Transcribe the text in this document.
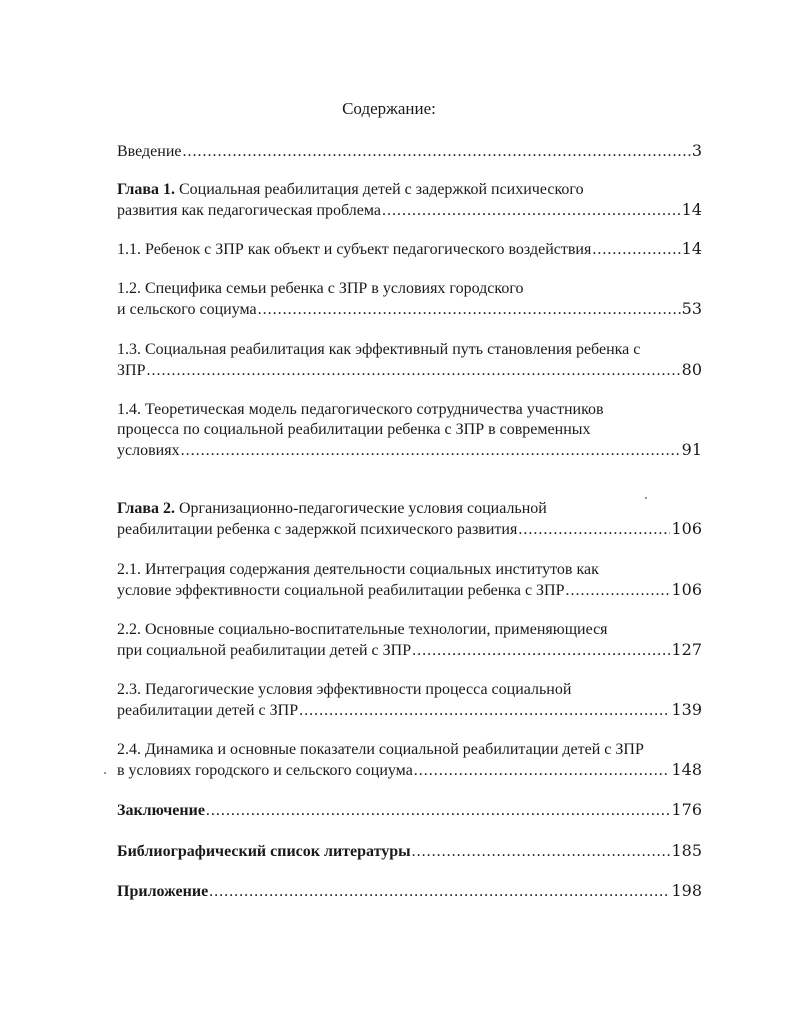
Содержание:
Введение .....	3
Глава 1. Социальная реабилитация детей с задержкой психического
развития как педагогическая проблема .....	14
1.1. Ребенок с ЗПР как объект и субъект педагогического воздействия .....	14
1.2. Специфика семьи ребенка с ЗПР в условиях городского
и сельского социума .....	53
1.3. Социальная реабилитация как эффективный путь становления ребенка с
ЗПР .....	80
1.4. Теоретическая модель педагогического сотрудничества участников
процесса по социальной реабилитации ребенка с ЗПР в современных
условиях .....	91
Глава 2. Организационно-педагогические условия социальной
реабилитации ребенка с задержкой психического развития .....	106
2.1. Интеграция содержания деятельности социальных институтов как
условие эффективности социальной реабилитации ребенка с ЗПР .....	106
2.2. Основные социально-воспитательные технологии, применяющиеся
при социальной реабилитации детей с ЗПР .....	127
2.3. Педагогические условия эффективности процесса социальной
реабилитации детей с ЗПР .....	139
2.4. Динамика и основные показатели социальной реабилитации детей с ЗПР
в условиях городского и сельского социума .....	148
Заключение .....	176
Библиографический список литературы .....	185
Приложение .....	198
